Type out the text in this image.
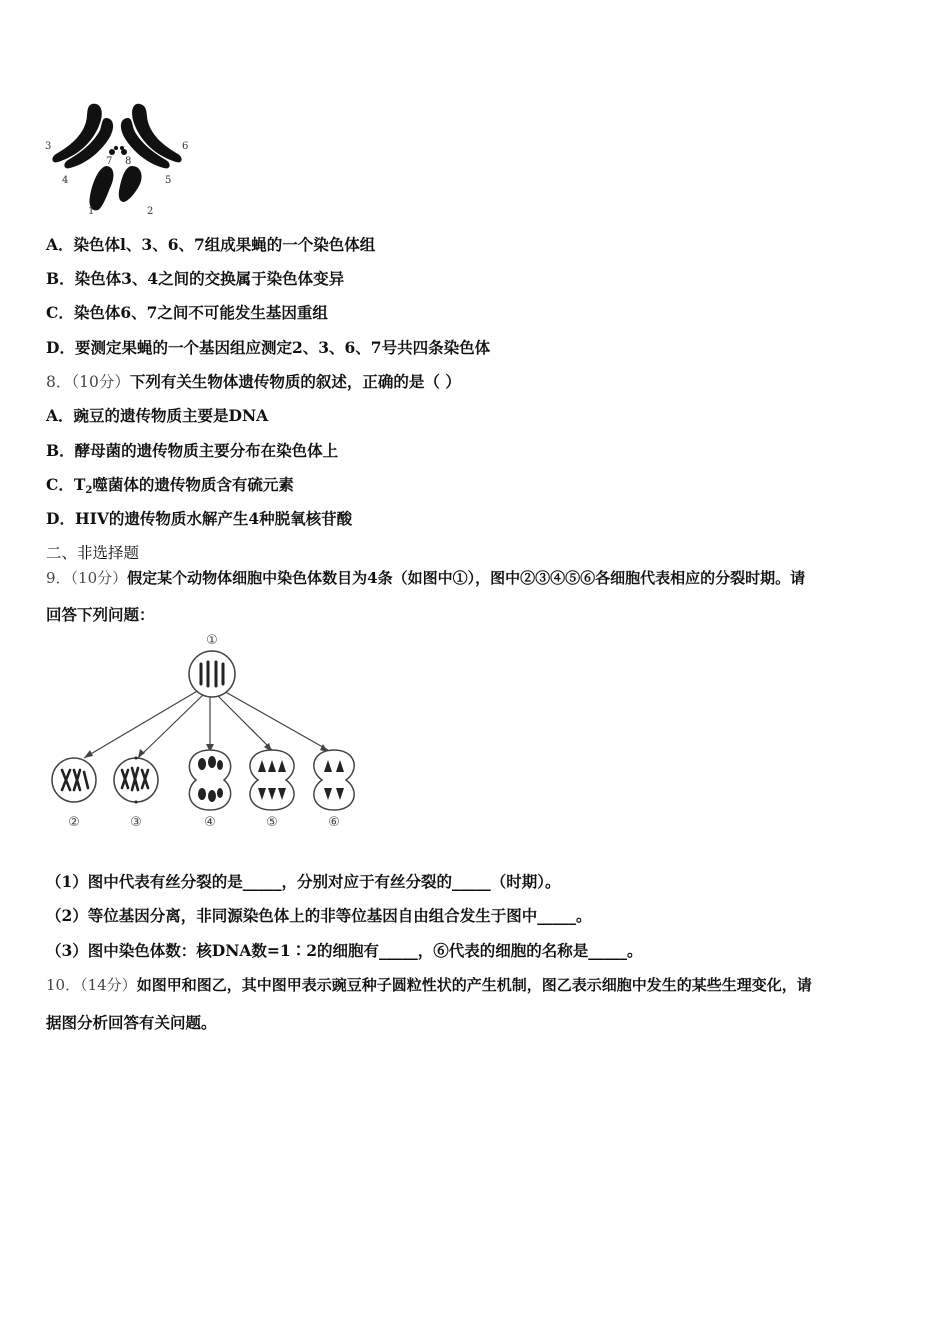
3	6
7 8
4	5
1	2
A．染色体l、3、6、7组成果蝇的一个染色体组
B．染色体3、4之间的交换属于染色体变异
C．染色体6、7之间不可能发生基因重组
D．要测定果蝇的一个基因组应测定2、3、6、7号共四条染色体
8．（10分）下列有关生物体遗传物质的叙述，正确的是（ ）
A．豌豆的遗传物质主要是DNA
B．酵母菌的遗传物质主要分布在染色体上
C．$T_2$噬菌体的遗传物质含有硫元素
D．HIV的遗传物质水解产生4种脱氧核苷酸
二、非选择题
9．（10分）假定某个动物体细胞中染色体数目为4条（如图中①），图中②③④⑤⑥各细胞代表相应的分裂时期。请
回答下列问题：
①
②	③	④	⑤	⑥
（1）图中代表有丝分裂的是_____，分别对应于有丝分裂的_____（时期）。
（2）等位基因分离，非同源染色体上的非等位基因自由组合发生于图中_____。
（3）图中染色体数：核DNA数=1∶2的细胞有_____，⑥代表的细胞的名称是_____。
10．（14分）如图甲和图乙，其中图甲表示豌豆种子圆粒性状的产生机制，图乙表示细胞中发生的某些生理变化，请
据图分析回答有关问题。
